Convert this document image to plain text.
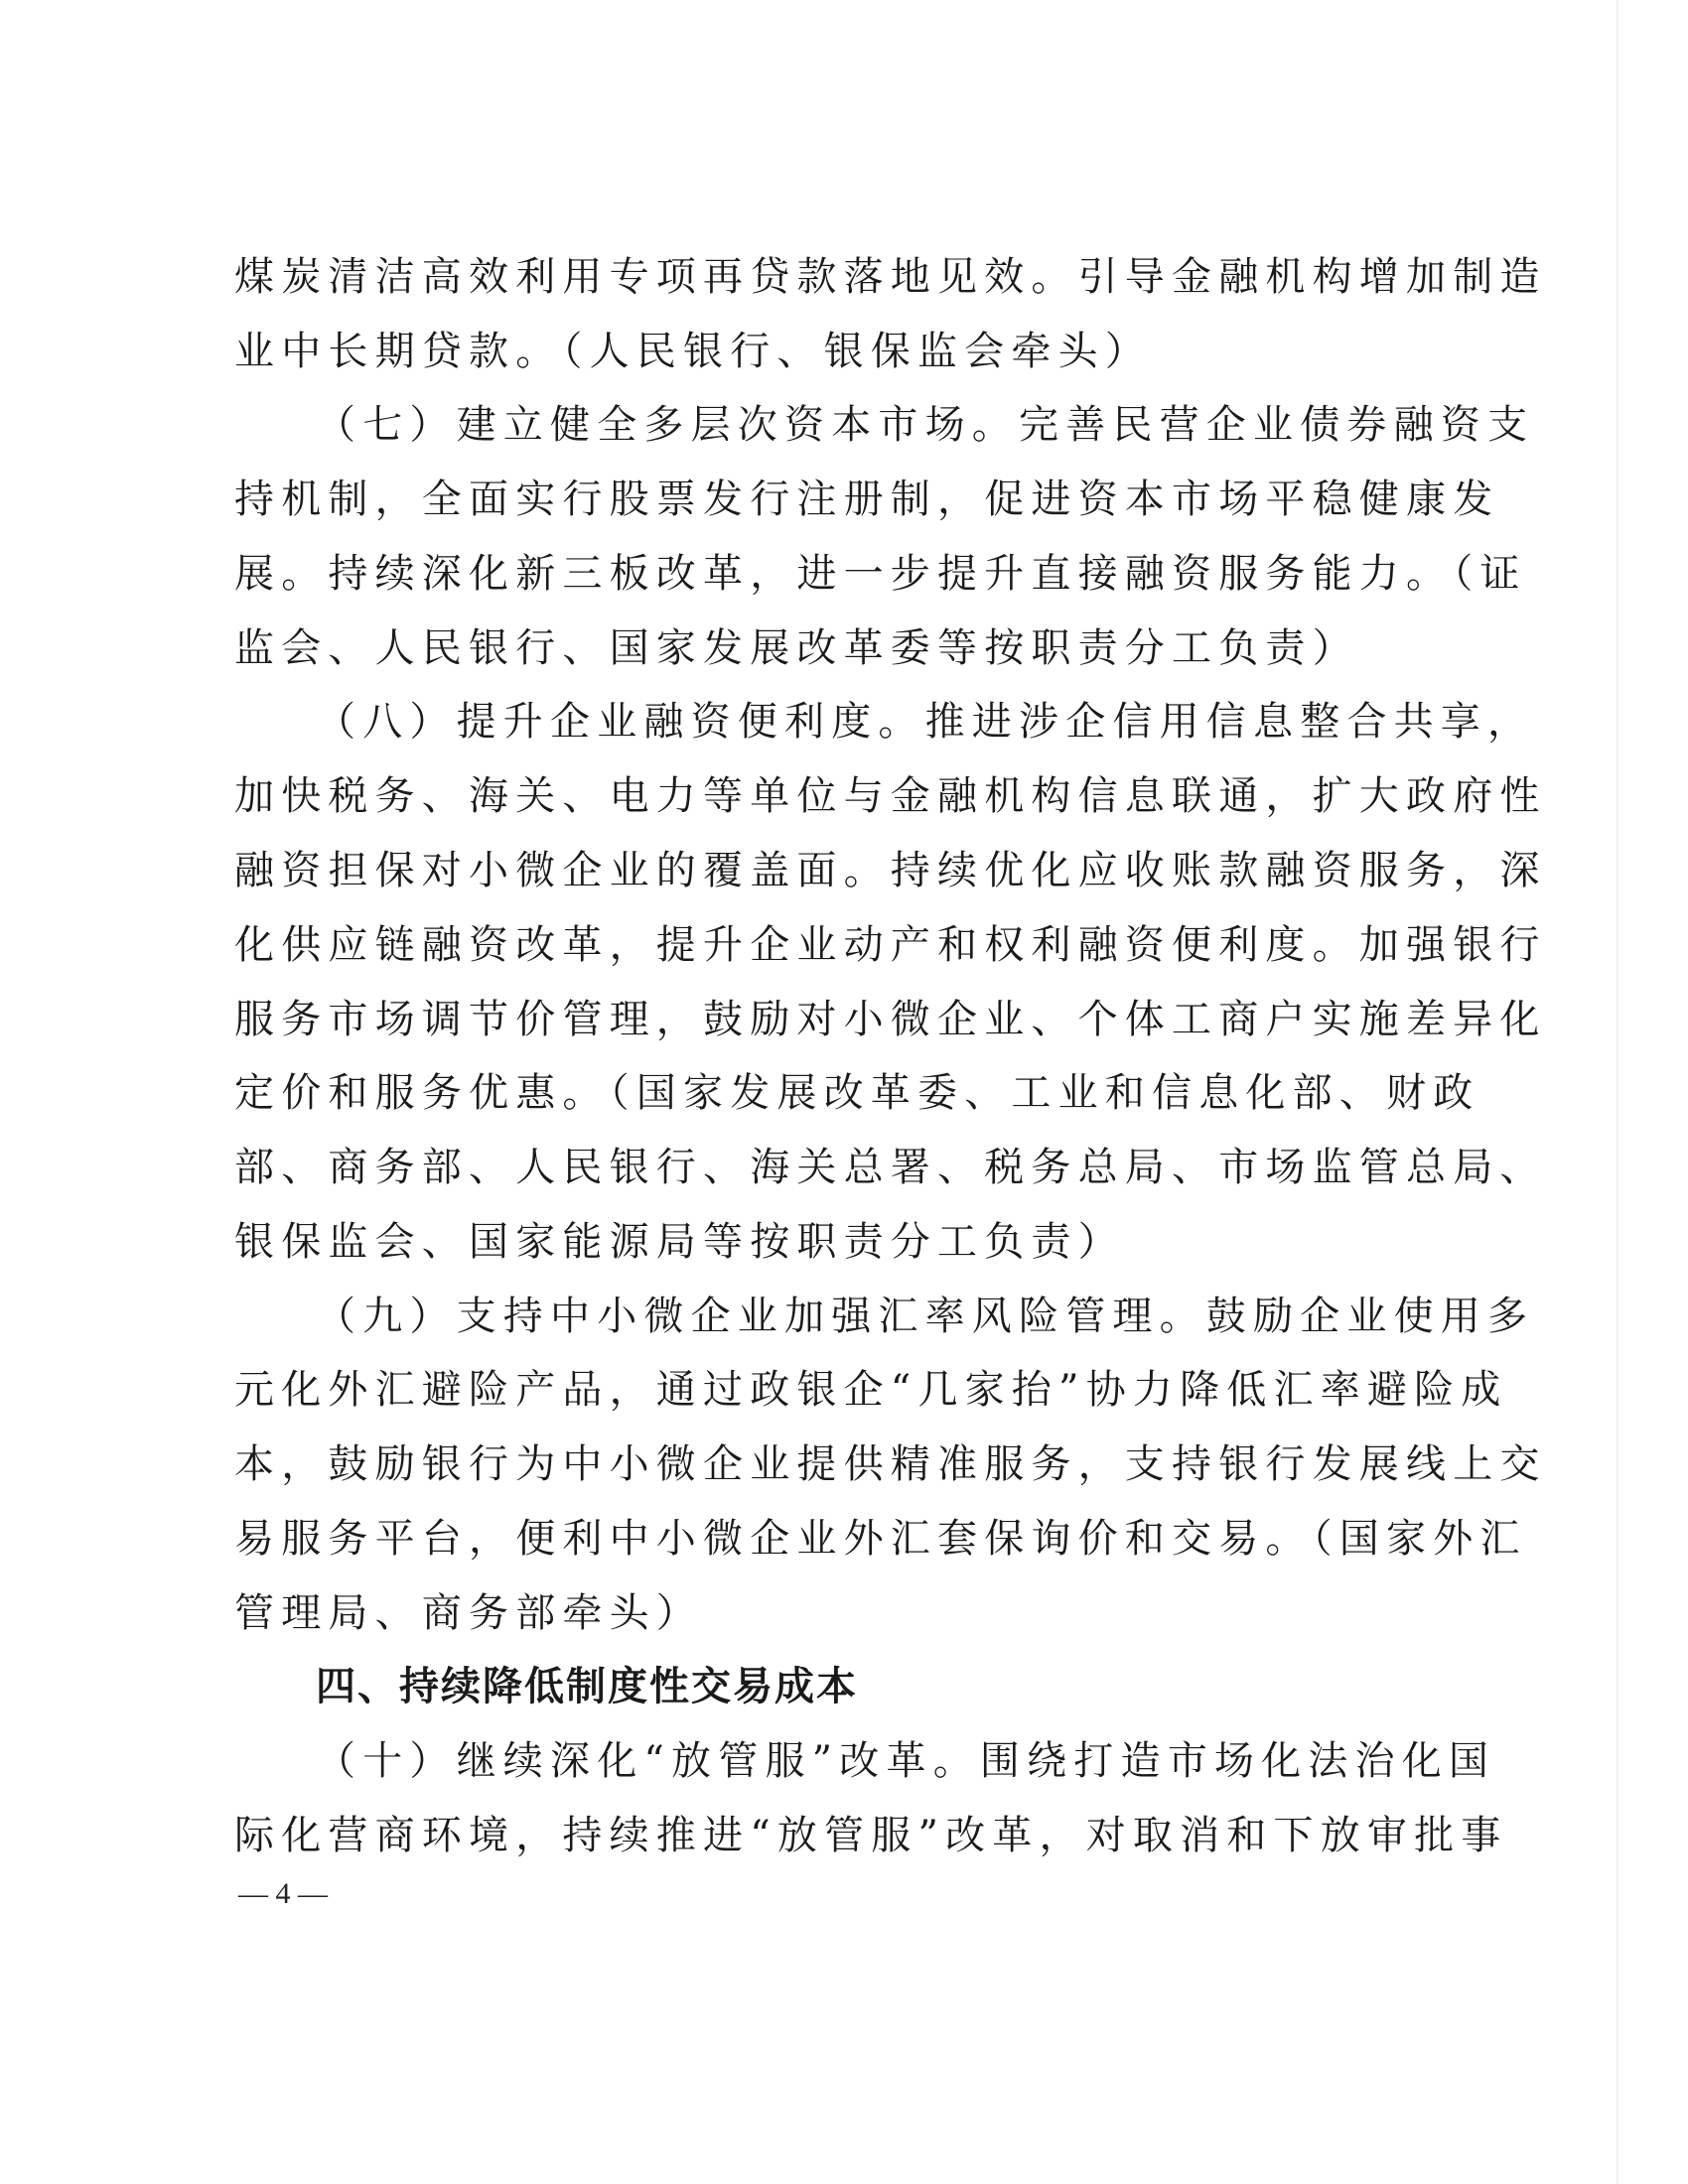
煤炭清洁高效利用专项再贷款落地见效。引导金融机构增加制造
业中长期贷款。（人民银行、银保监会牵头）
（七）建立健全多层次资本市场。完善民营企业债券融资支
持机制，全面实行股票发行注册制，促进资本市场平稳健康发
展。持续深化新三板改革，进一步提升直接融资服务能力。（证
监会、人民银行、国家发展改革委等按职责分工负责）
（八）提升企业融资便利度。推进涉企信用信息整合共享，
加快税务、海关、电力等单位与金融机构信息联通，扩大政府性
融资担保对小微企业的覆盖面。持续优化应收账款融资服务，深
化供应链融资改革，提升企业动产和权利融资便利度。加强银行
服务市场调节价管理，鼓励对小微企业、个体工商户实施差异化
定价和服务优惠。（国家发展改革委、工业和信息化部、财政
部、商务部、人民银行、海关总署、税务总局、市场监管总局、
银保监会、国家能源局等按职责分工负责）
（九）支持中小微企业加强汇率风险管理。鼓励企业使用多
元化外汇避险产品，通过政银企“几家抬”协力降低汇率避险成
本，鼓励银行为中小微企业提供精准服务，支持银行发展线上交
易服务平台，便利中小微企业外汇套保询价和交易。（国家外汇
管理局、商务部牵头）
四、持续降低制度性交易成本
（十）继续深化“放管服”改革。围绕打造市场化法治化国
际化营商环境，持续推进“放管服”改革，对取消和下放审批事
— 4 —
